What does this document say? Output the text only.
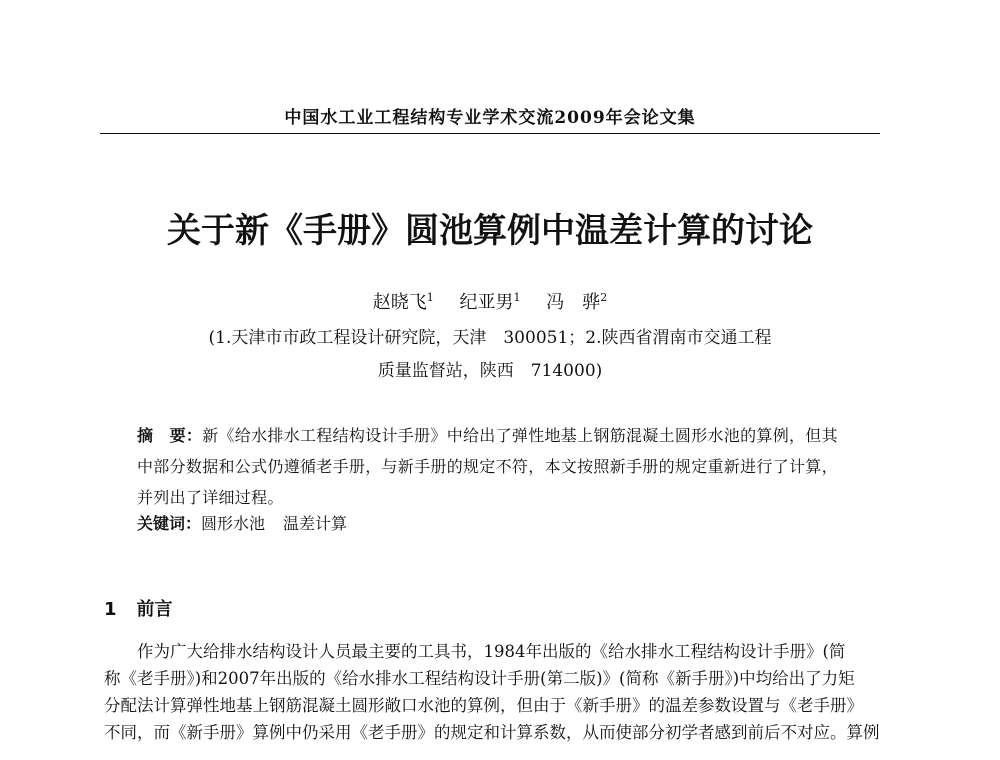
中国水工业工程结构专业学术交流2009年会论文集
关于新《手册》圆池算例中温差计算的讨论
赵晓飞$^1$ 纪亚男$^1$ 冯　骅$^2$
(1.天津市市政工程设计研究院，天津　300051；2.陕西省渭南市交通工程
质量监督站，陕西　714000)
摘　要：新《给水排水工程结构设计手册》中给出了弹性地基上钢筋混凝土圆形水池的算例，但其中部分数据和公式仍遵循老手册，与新手册的规定不符，本文按照新手册的规定重新进行了计算，并列出了详细过程。
关键词：圆形水池 温差计算
1 前言
　　作为广大给排水结构设计人员最主要的工具书，1984年出版的《给水排水工程结构设计手册》(简
称《老手册》)和2007年出版的《给水排水工程结构设计手册(第二版)》(简称《新手册》)中均给出了力矩
分配法计算弹性地基上钢筋混凝土圆形敞口水池的算例，但由于《新手册》的温差参数设置与《老手册》
不同，而《新手册》算例中仍采用《老手册》的规定和计算系数，从而使部分初学者感到前后不对应。算例
